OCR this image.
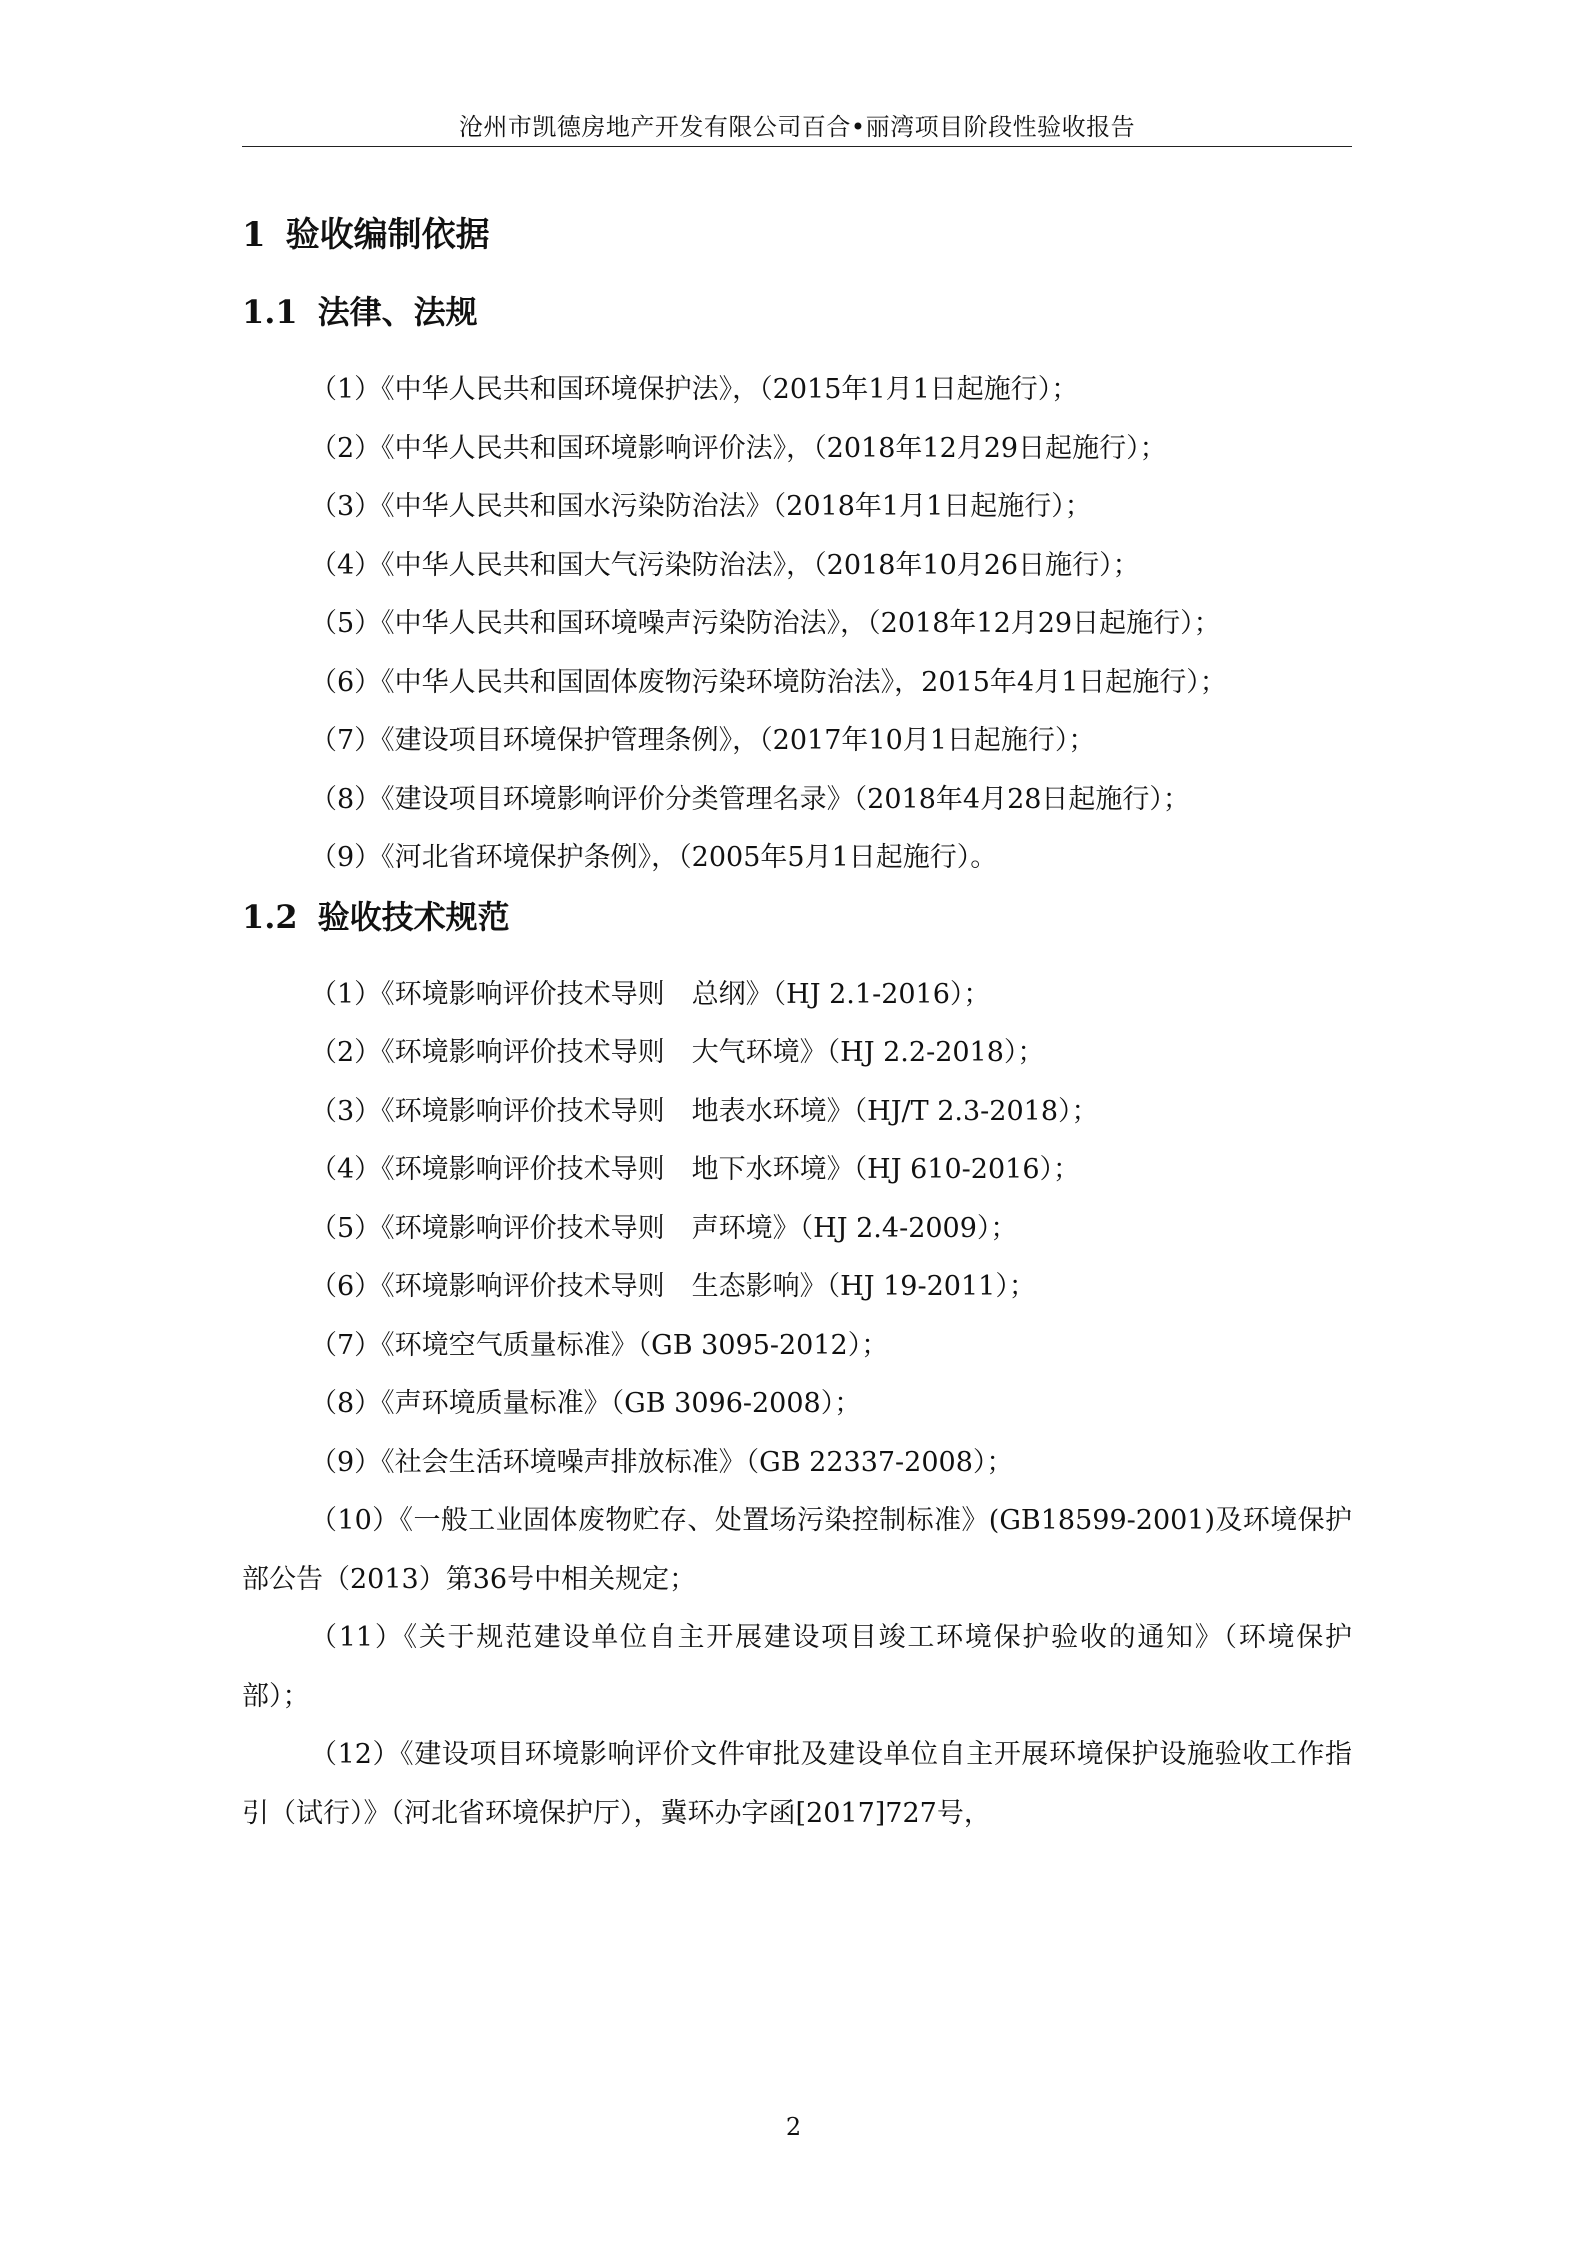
沧州市凯德房地产开发有限公司百合•丽湾项目阶段性验收报告
1 验收编制依据
1.1 法律、法规

（1）《中华人民共和国环境保护法》，（2015年1月1日起施行）；

（2）《中华人民共和国环境影响评价法》，（2018年12月29日起施行）；

（3）《中华人民共和国水污染防治法》（2018年1月1日起施行）；

（4）《中华人民共和国大气污染防治法》，（2018年10月26日施行）；

（5）《中华人民共和国环境噪声污染防治法》，（2018年12月29日起施行）；

（6）《中华人民共和国固体废物污染环境防治法》，2015年4月1日起施行）；

（7）《建设项目环境保护管理条例》，（2017年10月1日起施行）；

（8）《建设项目环境影响评价分类管理名录》（2018年4月28日起施行）；

（9）《河北省环境保护条例》，（2005年5月1日起施行）。

1.2 验收技术规范

（1）《环境影响评价技术导则　总纲》（HJ 2.1-2016）；

（2）《环境影响评价技术导则　大气环境》（HJ 2.2-2018）；

（3）《环境影响评价技术导则　地表水环境》（HJ/T 2.3-2018）；

（4）《环境影响评价技术导则　地下水环境》（HJ 610-2016）；

（5）《环境影响评价技术导则　声环境》（HJ 2.4-2009）；

（6）《环境影响评价技术导则　生态影响》（HJ 19-2011）；

（7）《环境空气质量标准》（GB 3095-2012）；

（8）《声环境质量标准》（GB 3096-2008）；

（9）《社会生活环境噪声排放标准》（GB 22337-2008）；

（10）《一般工业固体废物贮存、处置场污染控制标准》(GB18599-2001)及环境保护部公告（2013）第36号中相关规定；

（11）《关于规范建设单位自主开展建设项目竣工环境保护验收的通知》（环境保护部）；

（12）《建设项目环境影响评价文件审批及建设单位自主开展环境保护设施验收工作指引（试行）》（河北省环境保护厅），冀环办字函[2017]727号，

2
